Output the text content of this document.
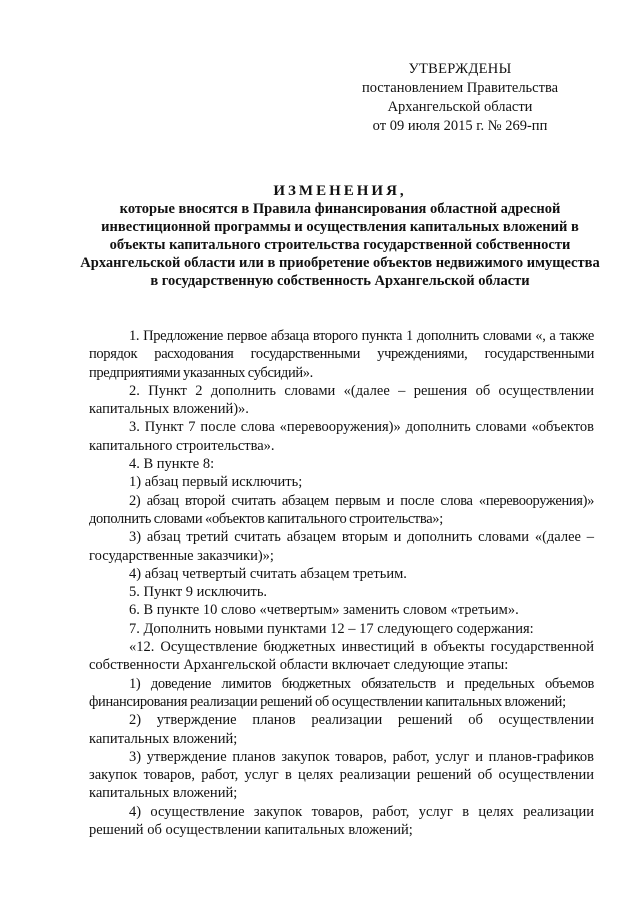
УТВЕРЖДЕНЫ
постановлением Правительства
Архангельской области
от 09 июля 2015 г. № 269-пп
ИЗМЕНЕНИЯ,
которые вносятся в Правила финансирования областной адресной инвестиционной программы и осуществления капитальных вложений в объекты капитального строительства государственной собственности Архангельской области или в приобретение объектов недвижимого имущества в государственную собственность Архангельской области

1. Предложение первое абзаца второго пункта 1 дополнить словами «, а также порядок расходования государственными учреждениями, государственными предприятиями указанных субсидий».

2. Пункт 2 дополнить словами «(далее – решения об осуществлении капитальных вложений)».

3. Пункт 7 после слова «перевооружения)» дополнить словами «объектов капитального строительства».

4. В пункте 8:

1) абзац первый исключить;

2) абзац второй считать абзацем первым и после слова «перевооружения)» дополнить словами «объектов капитального строительства»;

3) абзац третий считать абзацем вторым и дополнить словами «(далее – государственные заказчики)»;

4) абзац четвертый считать абзацем третьим.

5. Пункт 9 исключить.

6. В пункте 10 слово «четвертым» заменить словом «третьим».

7. Дополнить новыми пунктами 12 – 17 следующего содержания:

«12. Осуществление бюджетных инвестиций в объекты государственной собственности Архангельской области включает следующие этапы:

1) доведение лимитов бюджетных обязательств и предельных объемов финансирования реализации решений об осуществлении капитальных вложений;

2) утверждение планов реализации решений об осуществлении капитальных вложений;

3) утверждение планов закупок товаров, работ, услуг и планов-графиков закупок товаров, работ, услуг в целях реализации решений об осуществлении капитальных вложений;

4) осуществление закупок товаров, работ, услуг в целях реализации решений об осуществлении капитальных вложений;
